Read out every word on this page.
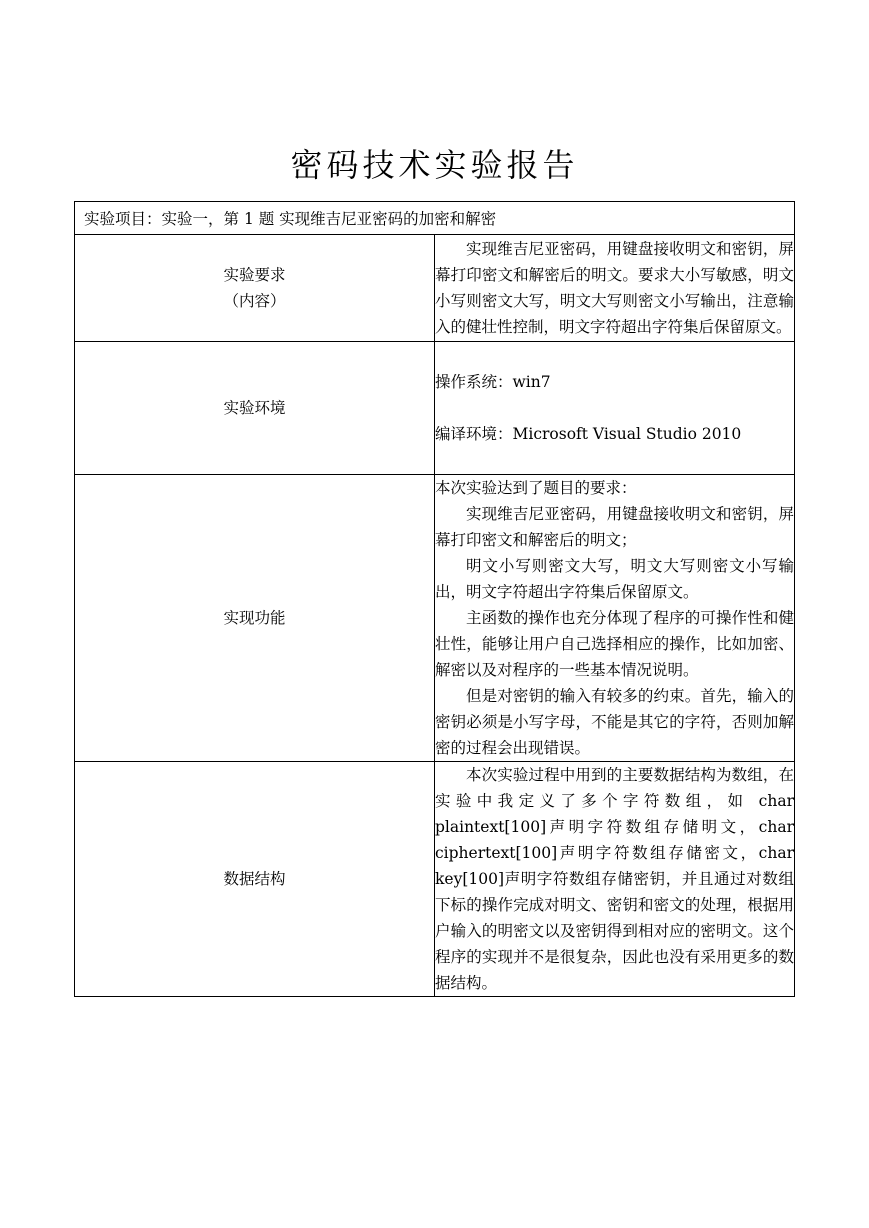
密码技术实验报告
实验项目：实验一，第 1 题 实现维吉尼亚密码的加密和解密	

实验要求
（内容）	实现维吉尼亚密码，用键盘接收明文和密钥，屏幕打印密文和解密后的明文。要求大小写敏感，明文小写则密文大写，明文大写则密文小写输出，注意输入的健壮性控制，明文字符超出字符集后保留原文。

实验环境	操作系统：win7

编译环境：Microsoft Visual Studio 2010

实现功能	本次实验达到了题目的要求：

实现维吉尼亚密码，用键盘接收明文和密钥，屏幕打印密文和解密后的明文；

明文小写则密文大写，明文大写则密文小写输出，明文字符超出字符集后保留原文。

主函数的操作也充分体现了程序的可操作性和健壮性，能够让用户自己选择相应的操作，比如加密、解密以及对程序的一些基本情况说明。

但是对密钥的输入有较多的约束。首先，输入的密钥必须是小写字母，不能是其它的字符，否则加解密的过程会出现错误。

数据结构	本次实验过程中用到的主要数据结构为数组，在实验中我定义了多个字符数组，如 char plaintext[100]声明字符数组存储明文，char ciphertext[100]声明字符数组存储密文，char key[100]声明字符数组存储密钥，并且通过对数组下标的操作完成对明文、密钥和密文的处理，根据用户输入的明密文以及密钥得到相对应的密明文。这个程序的实现并不是很复杂，因此也没有采用更多的数据结构。
